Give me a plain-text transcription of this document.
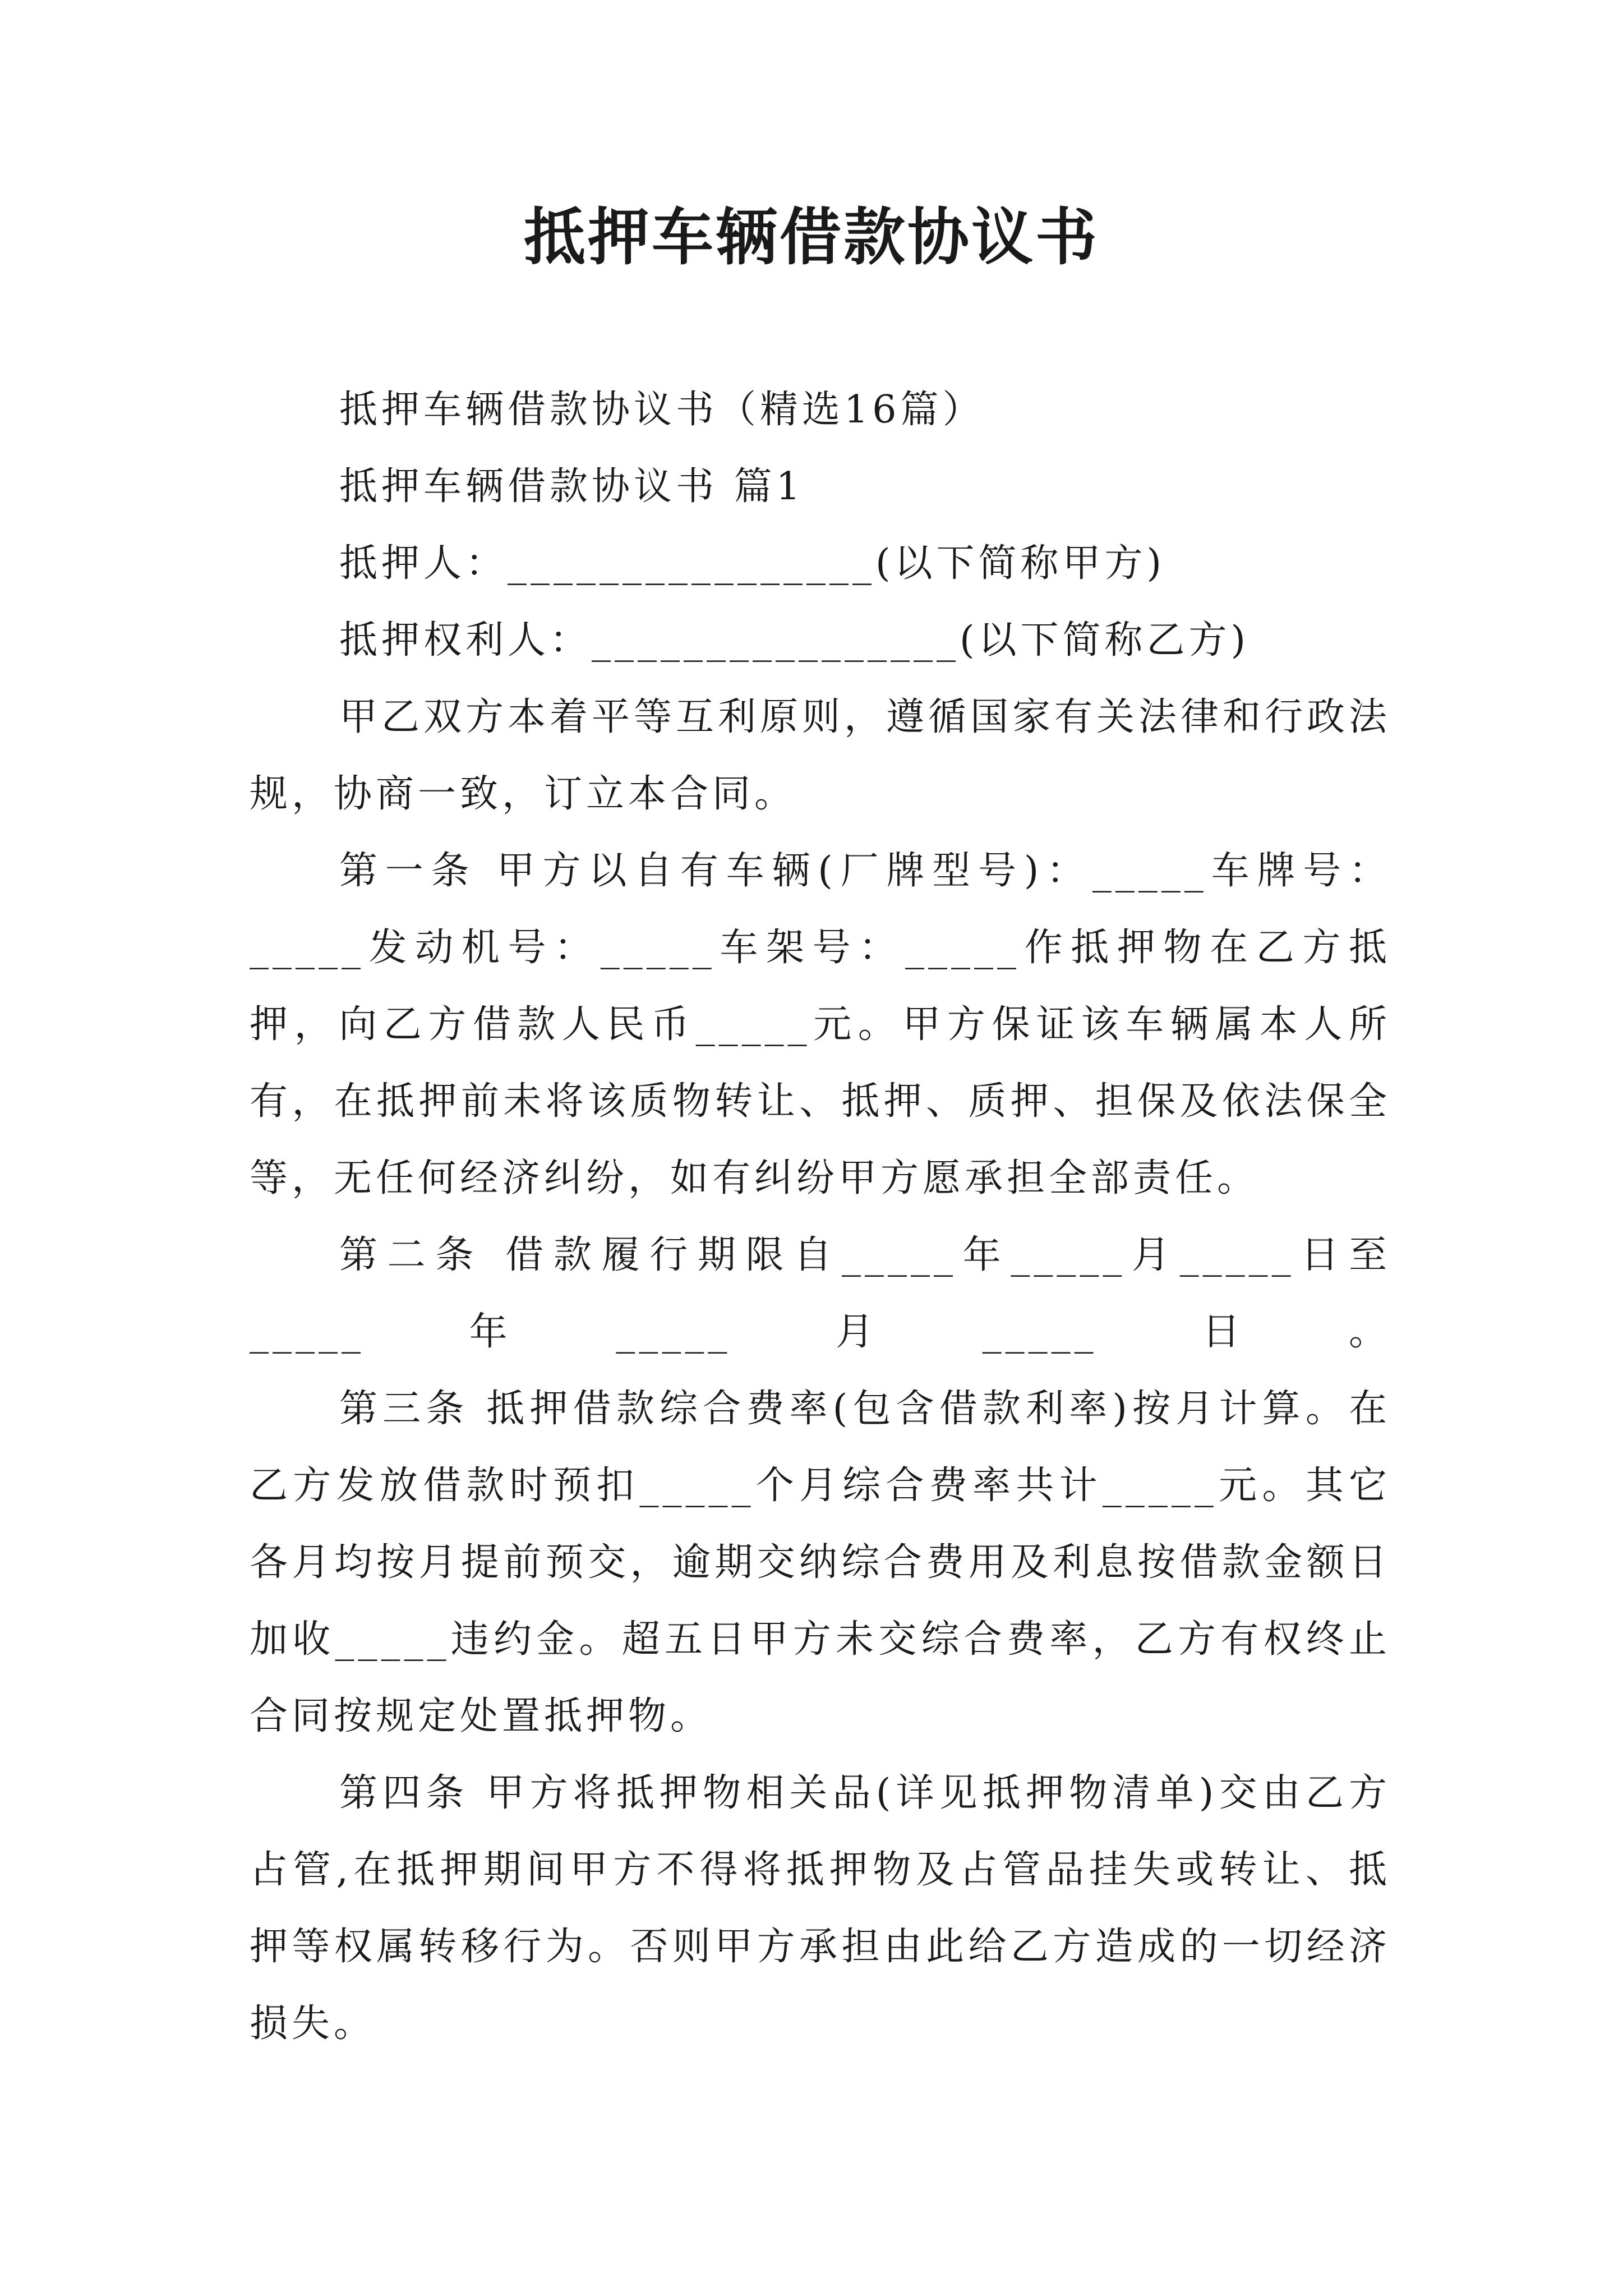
抵押车辆借款协议书

抵押车辆借款协议书（精选16篇）

抵押车辆借款协议书 篇1

抵押人：________________(以下简称甲方)

抵押权利人：________________(以下简称乙方)

甲乙双方本着平等互利原则，遵循国家有关法律和行政法规，协商一致，订立本合同。

第一条 甲方以自有车辆(厂牌型号)：_____车牌号：_____发动机号：_____车架号：_____作抵押物在乙方抵押，向乙方借款人民币_____元。甲方保证该车辆属本人所有，在抵押前未将该质物转让、抵押、质押、担保及依法保全等，无任何经济纠纷，如有纠纷甲方愿承担全部责任。

第二条 借款履行期限自_____年_____月_____日至_____年_____月_____日。

第三条 抵押借款综合费率(包含借款利率)按月计算。在乙方发放借款时预扣_____个月综合费率共计_____元。其它各月均按月提前预交，逾期交纳综合费用及利息按借款金额日加收_____违约金。超五日甲方未交综合费率，乙方有权终止合同按规定处置抵押物。

第四条 甲方将抵押物相关品(详见抵押物清单)交由乙方占管,在抵押期间甲方不得将抵押物及占管品挂失或转让、抵押等权属转移行为。否则甲方承担由此给乙方造成的一切经济损失。
